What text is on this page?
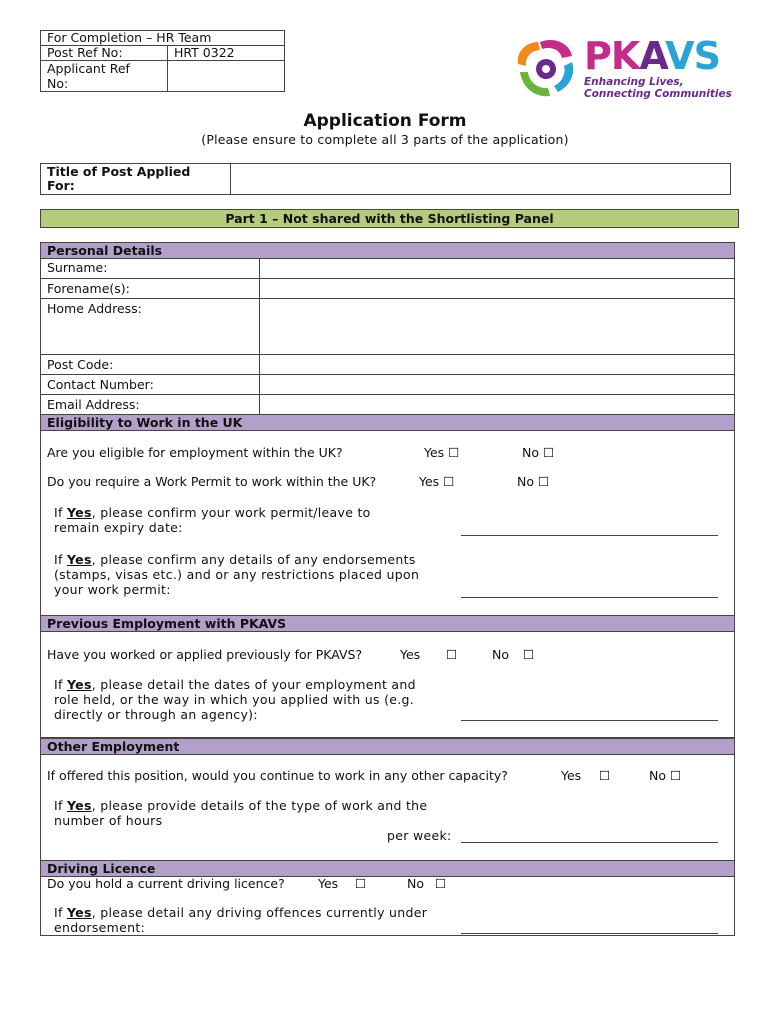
For Completion – HR Team
Post Ref No:	HRT 0322
Applicant Ref
No:
PKAVS
Enhancing Lives,
Connecting Communities
Application Form
(Please ensure to complete all 3 parts of the application)
Title of Post Applied
For:
Part 1 – Not shared with the Shortlisting Panel
Personal Details
Surname:
Forename(s):
Home Address:
Post Code:
Contact Number:
Email Address:
Eligibility to Work in the UK
Are you eligible for employment within the UK?	Yes ☐	No ☐
Do you require a Work Permit to work within the UK?	Yes ☐	No ☐
If Yes, please confirm your work permit/leave to
remain expiry date:
If Yes, please confirm any details of any endorsements
(stamps, visas etc.) and or any restrictions placed upon
your work permit:
Previous Employment with PKAVS
Have you worked or applied previously for PKAVS?	Yes ☐	No ☐
If Yes, please detail the dates of your employment and
role held, or the way in which you applied with us (e.g.
directly or through an agency):
Other Employment
If offered this position, would you continue to work in any other capacity?	Yes ☐	No ☐
If Yes, please provide details of the type of work and the
number of hours
per week:
Driving Licence
Do you hold a current driving licence?	Yes ☐	No ☐
If Yes, please detail any driving offences currently under
endorsement:
